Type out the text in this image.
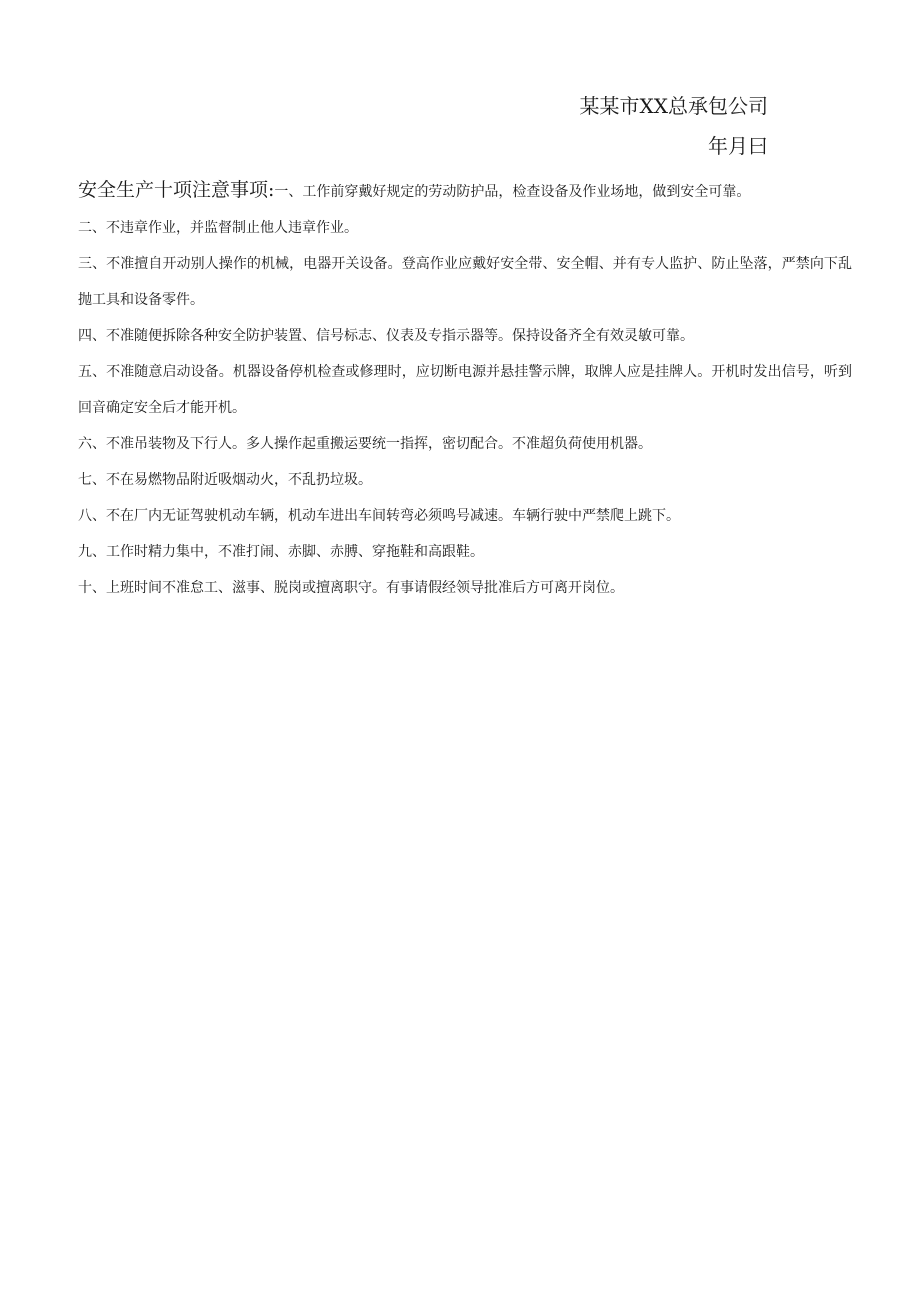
某某市XX总承包公司
年月曰

安全生产十项注意事项:一、工作前穿戴好规定的劳动防护品，检查设备及作业场地，做到安全可靠。

二、不违章作业，并监督制止他人违章作业。

三、不准擅自开动别人操作的机械，电器开关设备。登高作业应戴好安全带、安全帽、并有专人监护、防止坠落，严禁向下乱抛工具和设备零件。

四、不准随便拆除各种安全防护装置、信号标志、仪表及专指示器等。保持设备齐全有效灵敏可靠。

五、不准随意启动设备。机器设备停机检查或修理时，应切断电源并悬挂警示牌，取牌人应是挂牌人。开机时发出信号，听到回音确定安全后才能开机。

六、不准吊装物及下行人。多人操作起重搬运要统一指挥，密切配合。不准超负荷使用机器。

七、不在易燃物品附近吸烟动火，不乱扔垃圾。

八、不在厂内无证驾驶机动车辆，机动车进出车间转弯必须鸣号减速。车辆行驶中严禁爬上跳下。

九、工作时精力集中，不准打闹、赤脚、赤膊、穿拖鞋和高跟鞋。

十、上班时间不准怠工、滋事、脱岗或擅离职守。有事请假经领导批准后方可离开岗位。
